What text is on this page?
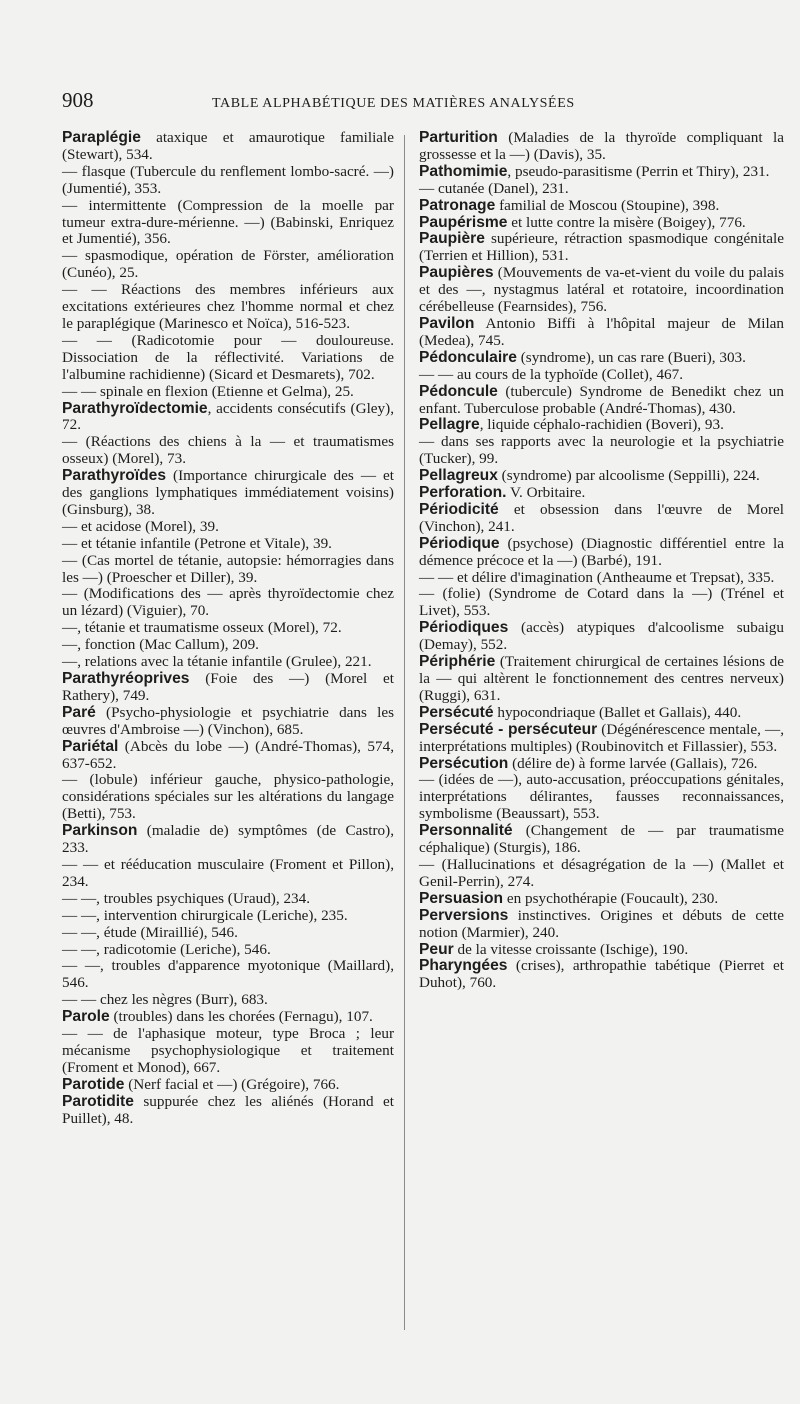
908	TABLE ALPHABÉTIQUE DES MATIÈRES ANALYSÉES

Paraplégie ataxique et amaurotique familiale (Stewart), 534.

— flasque (Tubercule du renflement lombo-sacré. —) (Jumentié), 353.

— intermittente (Compression de la moelle par tumeur extra-dure-mérienne. —) (Babinski, Enriquez et Jumentié), 356.

— spasmodique, opération de Förster, amélioration (Cunéo), 25.

— — Réactions des membres inférieurs aux excitations extérieures chez l'homme normal et chez le paraplégique (Marinesco et Noïca), 516-523.

— — (Radicotomie pour — douloureuse. Dissociation de la réflectivité. Variations de l'albumine rachidienne) (Sicard et Desmarets), 702.

— — spinale en flexion (Etienne et Gelma), 25.

Parathyroïdectomie, accidents consécutifs (Gley), 72.

— (Réactions des chiens à la — et traumatismes osseux) (Morel), 73.

Parathyroïdes (Importance chirurgicale des — et des ganglions lymphatiques immédiatement voisins) (Ginsburg), 38.

— et acidose (Morel), 39.

— et tétanie infantile (Petrone et Vitale), 39.

— (Cas mortel de tétanie, autopsie: hémorragies dans les —) (Proescher et Diller), 39.

— (Modifications des — après thyroïdectomie chez un lézard) (Viguier), 70.

—, tétanie et traumatisme osseux (Morel), 72.

—, fonction (Mac Callum), 209.

—, relations avec la tétanie infantile (Grulee), 221.

Parathyréoprives (Foie des —) (Morel et Rathery), 749.

Paré (Psycho-physiologie et psychiatrie dans les œuvres d'Ambroise —) (Vinchon), 685.

Pariétal (Abcès du lobe —) (André-Thomas), 574, 637-652.

— (lobule) inférieur gauche, physico-pathologie, considérations spéciales sur les altérations du langage (Betti), 753.

Parkinson (maladie de) symptômes (de Castro), 233.

— — et rééducation musculaire (Froment et Pillon), 234.

— —, troubles psychiques (Uraud), 234.

— —, intervention chirurgicale (Leriche), 235.

— —, étude (Miraillié), 546.

— —, radicotomie (Leriche), 546.

— —, troubles d'apparence myotonique (Maillard), 546.

— — chez les nègres (Burr), 683.

Parole (troubles) dans les chorées (Fernagu), 107.

— — de l'aphasique moteur, type Broca ; leur mécanisme psychophysiologique et traitement (Froment et Monod), 667.

Parotide (Nerf facial et —) (Grégoire), 766.

Parotidite suppurée chez les aliénés (Horand et Puillet), 48.

Parturition (Maladies de la thyroïde compliquant la grossesse et la —) (Davis), 35.

Pathomimie, pseudo-parasitisme (Perrin et Thiry), 231.

— cutanée (Danel), 231.

Patronage familial de Moscou (Stoupine), 398.

Paupérisme et lutte contre la misère (Boigey), 776.

Paupière supérieure, rétraction spasmodique congénitale (Terrien et Hillion), 531.

Paupières (Mouvements de va-et-vient du voile du palais et des —, nystagmus latéral et rotatoire, incoordination cérébelleuse (Fearnsides), 756.

Pavilon Antonio Biffi à l'hôpital majeur de Milan (Medea), 745.

Pédonculaire (syndrome), un cas rare (Bueri), 303.

— — au cours de la typhoïde (Collet), 467.

Pédoncule (tubercule) Syndrome de Benedikt chez un enfant. Tuberculose probable (André-Thomas), 430.

Pellagre, liquide céphalo-rachidien (Boveri), 93.

— dans ses rapports avec la neurologie et la psychiatrie (Tucker), 99.

Pellagreux (syndrome) par alcoolisme (Seppilli), 224.

Perforation. V. Orbitaire.

Périodicité et obsession dans l'œuvre de Morel (Vinchon), 241.

Périodique (psychose) (Diagnostic différentiel entre la démence précoce et la —) (Barbé), 191.

— — et délire d'imagination (Antheaume et Trepsat), 335.

— (folie) (Syndrome de Cotard dans la —) (Trénel et Livet), 553.

Périodiques (accès) atypiques d'alcoolisme subaigu (Demay), 552.

Périphérie (Traitement chirurgical de certaines lésions de la — qui altèrent le fonctionnement des centres nerveux) (Ruggi), 631.

Persécuté hypocondriaque (Ballet et Gallais), 440.

Persécuté - persécuteur (Dégénérescence mentale, —, interprétations multiples) (Roubinovitch et Fillassier), 553.

Persécution (délire de) à forme larvée (Gallais), 726.

— (idées de —), auto-accusation, préoccupations génitales, interprétations délirantes, fausses reconnaissances, symbolisme (Beaussart), 553.

Personnalité (Changement de — par traumatisme céphalique) (Sturgis), 186.

— (Hallucinations et désagrégation de la —) (Mallet et Genil-Perrin), 274.

Persuasion en psychothérapie (Foucault), 230.

Perversions instinctives. Origines et débuts de cette notion (Marmier), 240.

Peur de la vitesse croissante (Ischige), 190.

Pharyngées (crises), arthropathie tabétique (Pierret et Duhot), 760.
